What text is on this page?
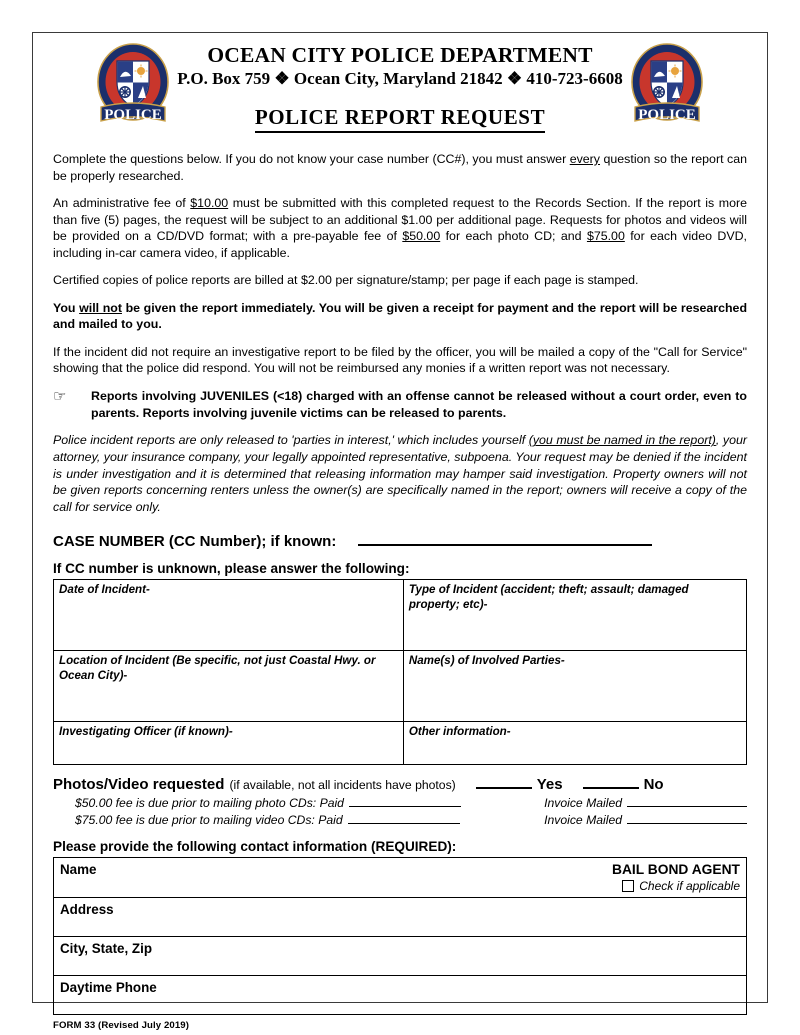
POLICE
OCEAN CITY POLICE DEPARTMENT
P.O. Box 759 ❖ Ocean City, Maryland 21842 ❖ 410-723-6608
POLICE REPORT REQUEST	POLICE

Complete the questions below. If you do not know your case number (CC#), you must answer every question so the report can be properly researched.

An administrative fee of $10.00 must be submitted with this completed request to the Records Section. If the report is more than five (5) pages, the request will be subject to an additional $1.00 per additional page. Requests for photos and videos will be provided on a CD/DVD format; with a pre-payable fee of $50.00 for each photo CD; and $75.00 for each video DVD, including in-car camera video, if applicable.

Certified copies of police reports are billed at $2.00 per signature/stamp; per page if each page is stamped.

You will not be given the report immediately. You will be given a receipt for payment and the report will be researched and mailed to you.

If the incident did not require an investigative report to be filed by the officer, you will be mailed a copy of the "Call for Service" showing that the police did respond. You will not be reimbursed any monies if a written report was not necessary.

☞	Reports involving JUVENILES (<18) charged with an offense cannot be released without a court order, even to parents. Reports involving juvenile victims can be released to parents.

Police incident reports are only released to 'parties in interest,' which includes yourself (you must be named in the report), your attorney, your insurance company, your legally appointed representative, subpoena. Your request may be denied if the incident is under investigation and it is determined that releasing information may hamper said investigation. Property owners will not be given reports concerning renters unless the owner(s) are specifically named in the report; owners will receive a copy of the call for service only.

CASE NUMBER (CC Number); if known:
If CC number is unknown, please answer the following:
Date of Incident-	Type of Incident (accident; theft; assault; damaged property; etc)-
Location of Incident (Be specific, not just Coastal Hwy. or Ocean City)-	Name(s) of Involved Parties-
Investigating Officer (if known)-	Other information-
Photos/Video requested (if available, not all incidents have photos)	Yes	No
$50.00 fee is due prior to mailing photo CDs: Paid	Invoice Mailed
$75.00 fee is due prior to mailing video CDs: Paid	Invoice Mailed
Please provide the following contact information (REQUIRED):
Name	BAIL BOND AGENT
Check if applicable

Address
City, State, Zip
Daytime Phone
FORM 33 (Revised July 2019)
